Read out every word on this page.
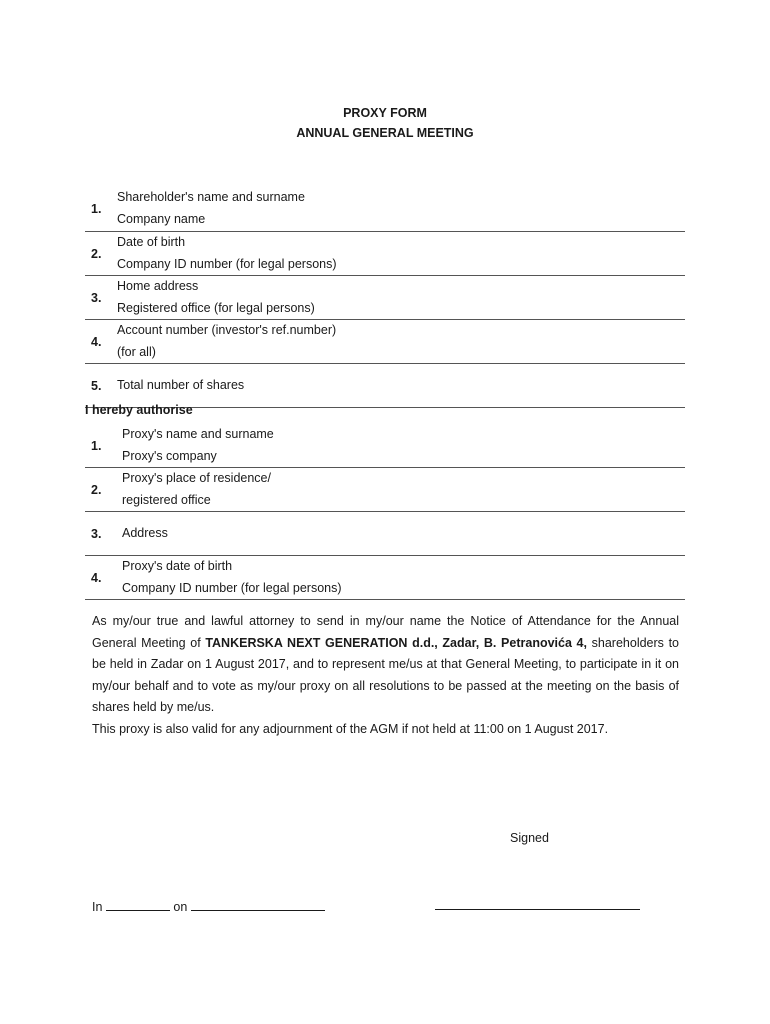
PROXY FORM
ANNUAL GENERAL MEETING
1.
Shareholder's name and surname
Company name
2.
Date of birth
Company ID number (for legal persons)
3.
Home address
Registered office (for legal persons)
4.
Account number (investor's ref.number)
(for all)
5. Total number of shares
I hereby authorise
1.
Proxy's name and surname
Proxy's company
2.
Proxy's place of residence/
registered office
3. Address
4.
Proxy's date of birth
Company ID number (for legal persons)
As my/our true and lawful attorney to send in my/our name the Notice of Attendance for the Annual General Meeting of TANKERSKA NEXT GENERATION d.d., Zadar, B. Petranovića 4, shareholders to be held in Zadar on 1 August 2017, and to represent me/us at that General Meeting, to participate in it on my/our behalf and to vote as my/our proxy on all resolutions to be passed at the meeting on the basis of shares held by me/us.
This proxy is also valid for any adjournment of the AGM if not held at 11:00 on 1 August 2017.
Signed
In	on
